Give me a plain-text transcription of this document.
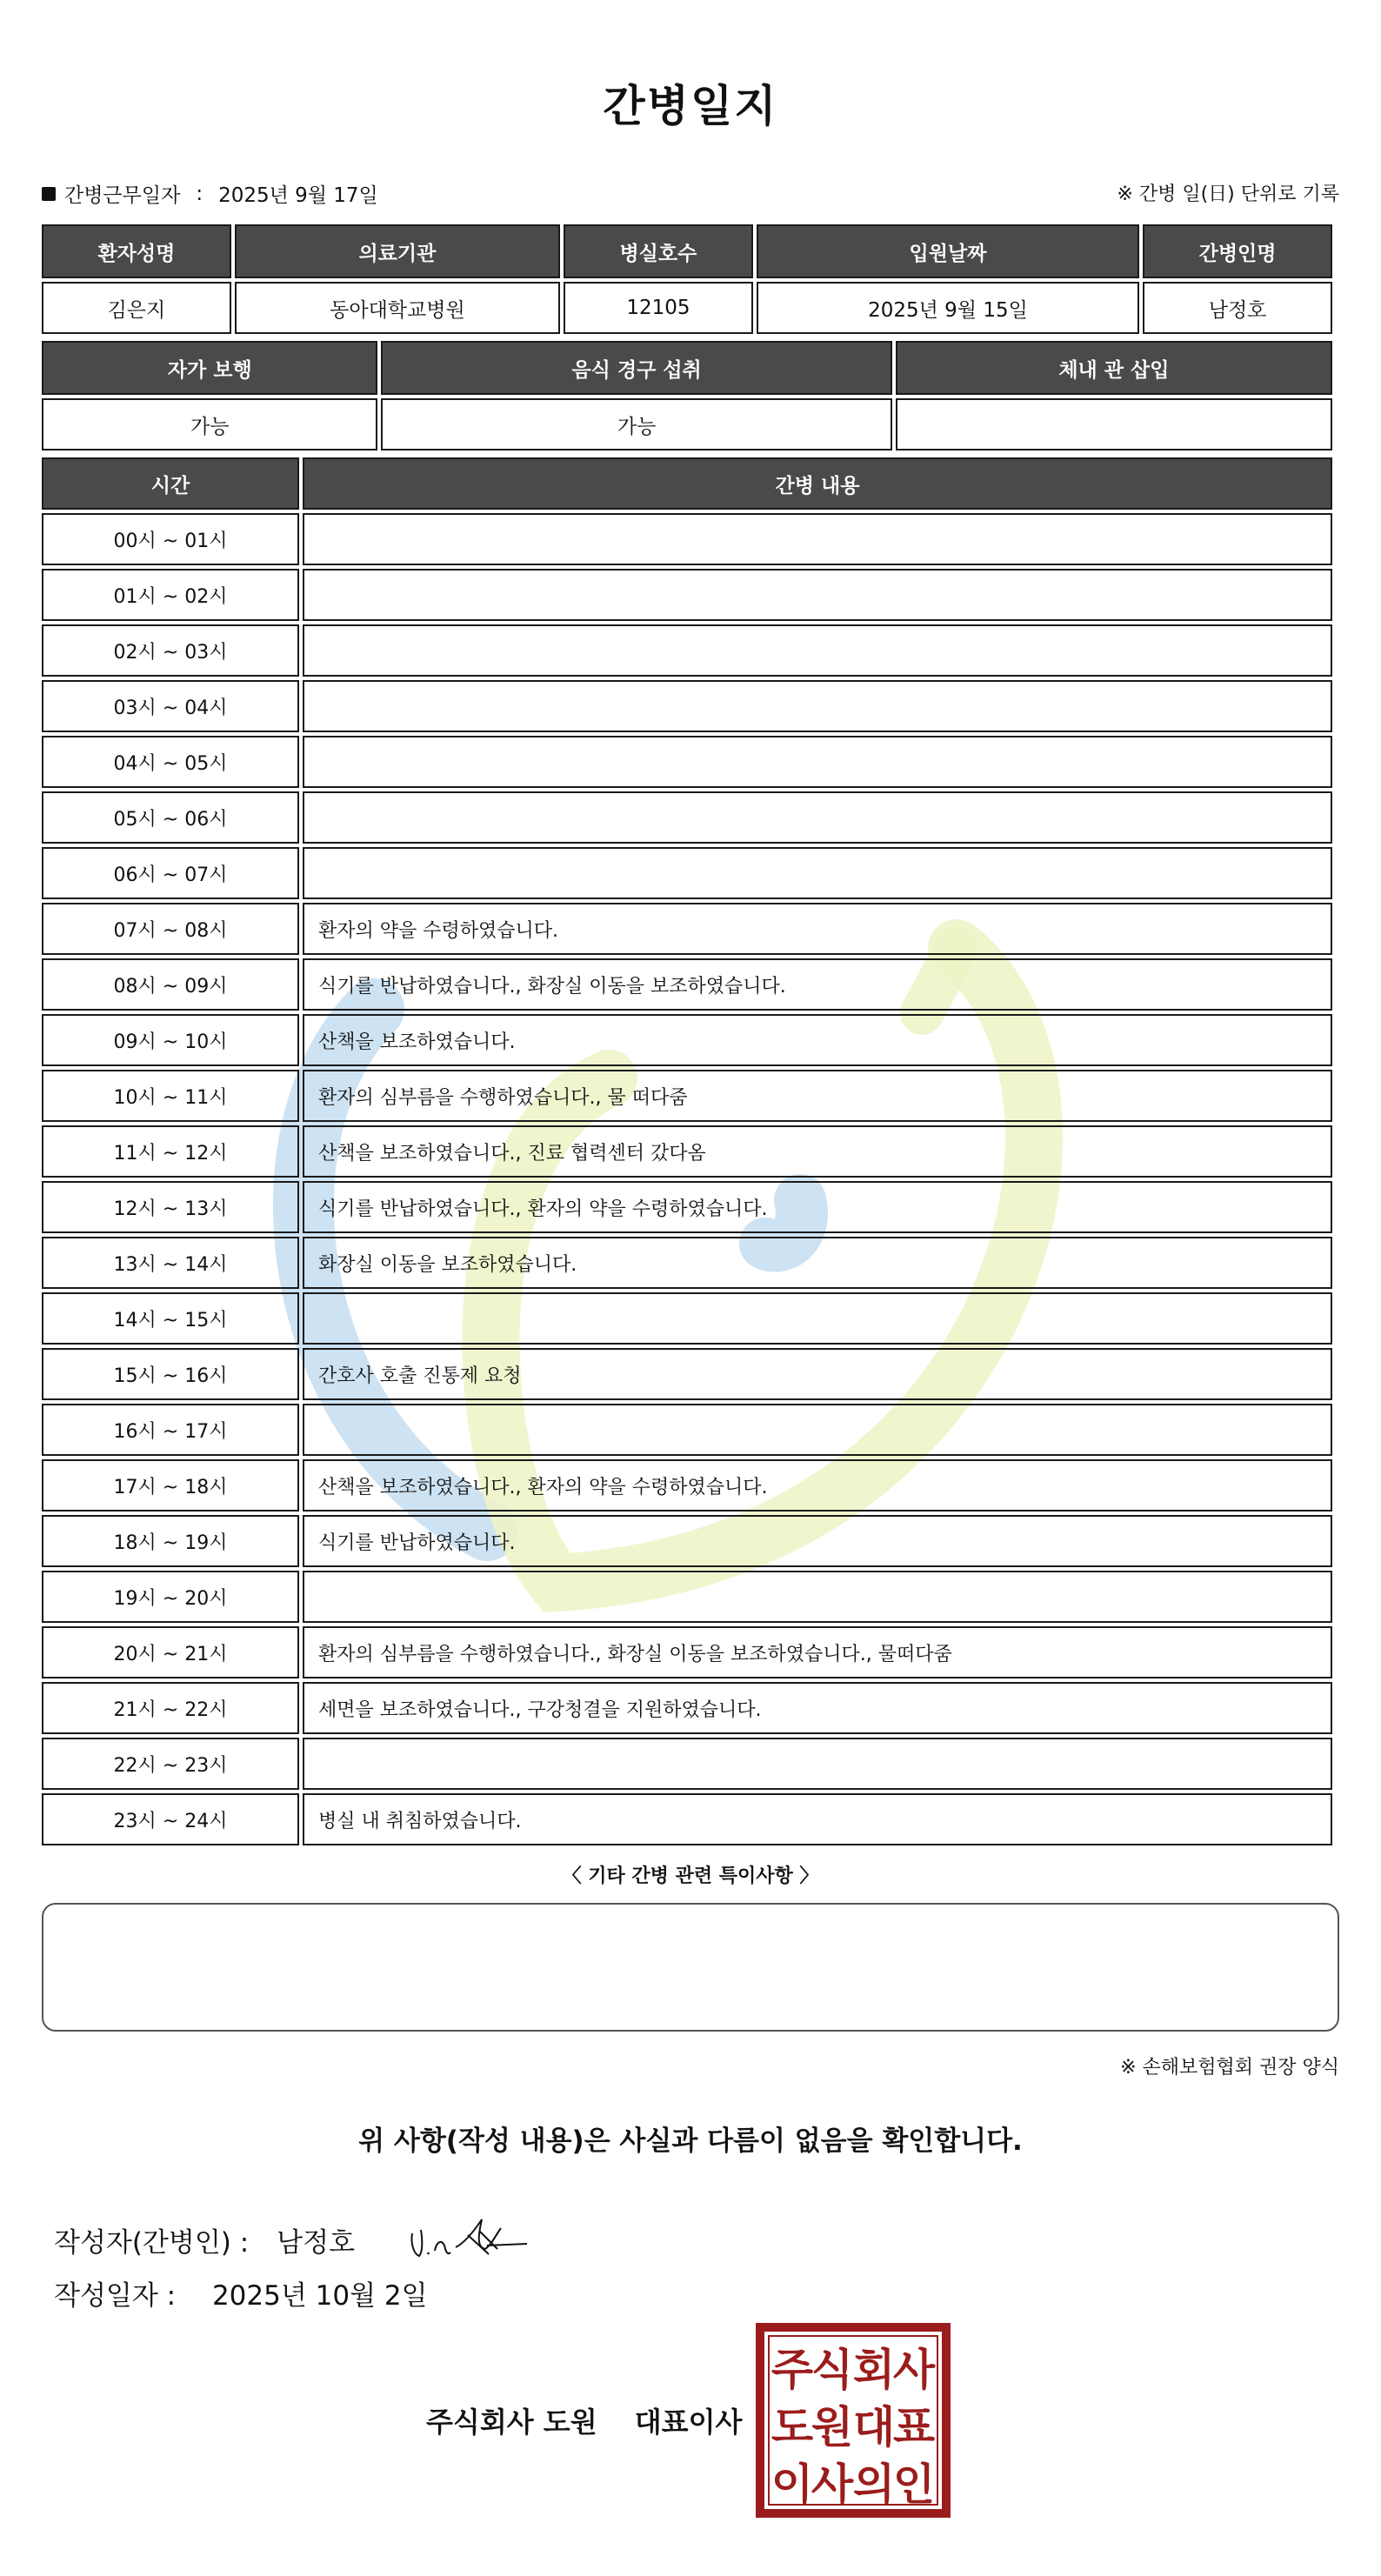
간병일지
간병근무일자 : 2025년 9월 17일	※ 간병 일(日) 단위로 기록
환자성명	의료기관	병실호수	입원날짜	간병인명
김은지	동아대학교병원	12105	2025년 9월 15일	남정호
자가 보행	음식 경구 섭취	체내 관 삽입
가능	가능	
시간	간병 내용
00시 ~ 01시	
01시 ~ 02시	
02시 ~ 03시	
03시 ~ 04시	
04시 ~ 05시	
05시 ~ 06시	
06시 ~ 07시	
07시 ~ 08시	환자의 약을 수령하였습니다.
08시 ~ 09시	식기를 반납하였습니다., 화장실 이동을 보조하였습니다.
09시 ~ 10시	산책을 보조하였습니다.
10시 ~ 11시	환자의 심부름을 수행하였습니다., 물 떠다줌
11시 ~ 12시	산책을 보조하였습니다., 진료 협력센터 갔다옴
12시 ~ 13시	식기를 반납하였습니다., 환자의 약을 수령하였습니다.
13시 ~ 14시	화장실 이동을 보조하였습니다.
14시 ~ 15시	
15시 ~ 16시	간호사 호출 진통제 요청
16시 ~ 17시	
17시 ~ 18시	산책을 보조하였습니다., 환자의 약을 수령하였습니다.
18시 ~ 19시	식기를 반납하였습니다.
19시 ~ 20시	
20시 ~ 21시	환자의 심부름을 수행하였습니다., 화장실 이동을 보조하였습니다., 물떠다줌
21시 ~ 22시	세면을 보조하였습니다., 구강청결을 지원하였습니다.
22시 ~ 23시	
23시 ~ 24시	병실 내 취침하였습니다.
〈 기타 간병 관련 특이사항 〉
※ 손해보험협회 권장 양식
위 사항(작성 내용)은 사실과 다름이 없음을 확인합니다.
작성자(간병인) : 남정호
작성일자 : 2025년 10월 2일
주식회사 도원 대표이사
주
식 회
사
도
원 대
표
이
사 의
인
